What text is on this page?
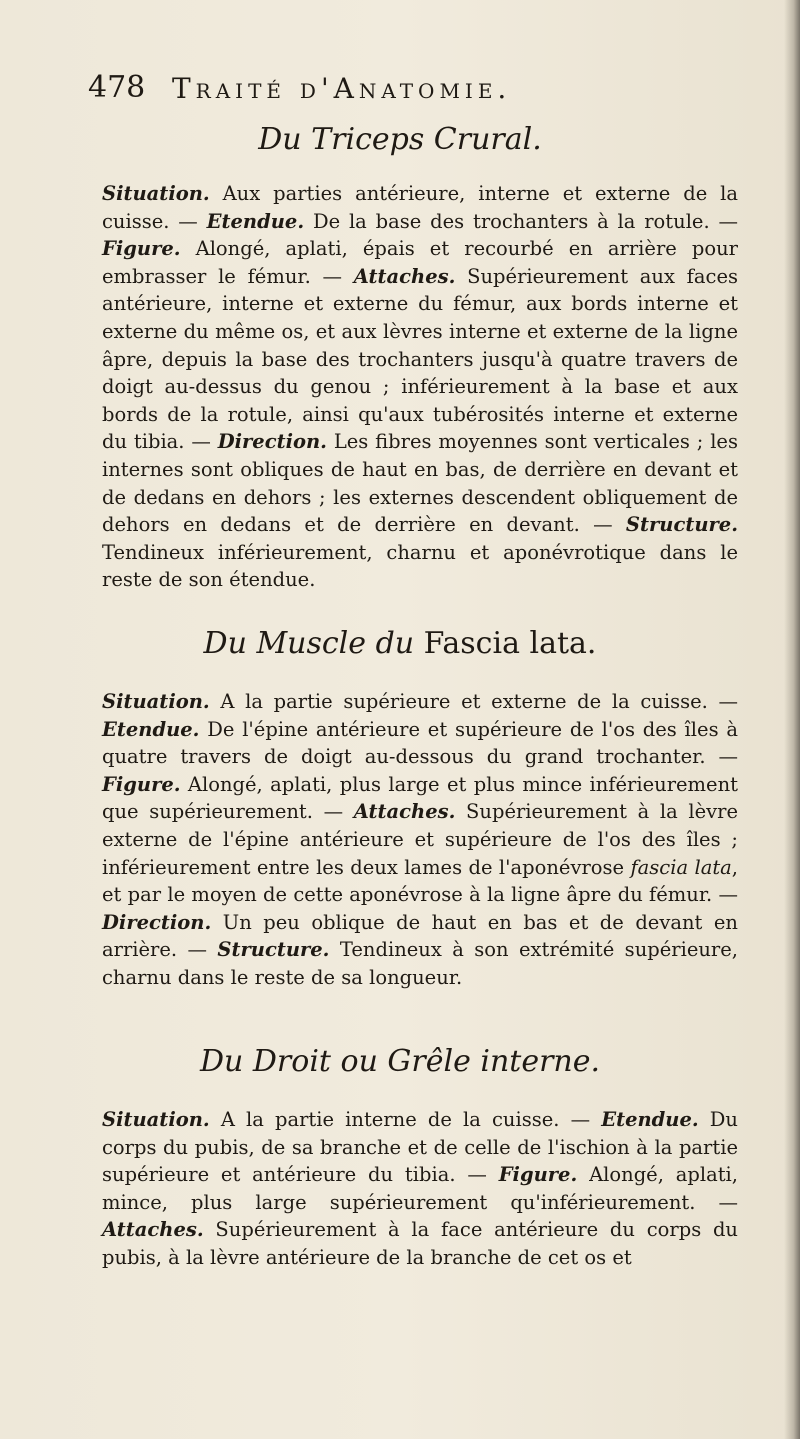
478 Traité d'Anatomie.
Du Triceps Crural.
Situation. Aux parties antérieure, interne et externe de la cuisse. — Etendue. De la base des trochanters à la rotule. — Figure. Alongé, aplati, épais et recourbé en arrière pour embrasser le fémur. — Attaches. Supérieurement aux faces antérieure, interne et externe du fémur, aux bords interne et externe du même os, et aux lèvres interne et externe de la ligne âpre, depuis la base des trochanters jusqu'à quatre travers de doigt au-dessus du genou ; inférieurement à la base et aux bords de la rotule, ainsi qu'aux tubérosités interne et externe du tibia. — Direction. Les fibres moyennes sont verticales ; les internes sont obliques de haut en bas, de derrière en devant et de dedans en dehors ; les externes descendent obliquement de dehors en dedans et de derrière en devant. — Structure. Tendineux inférieurement, charnu et aponévrotique dans le reste de son étendue.
Du Muscle du Fascia lata.
Situation. A la partie supérieure et externe de la cuisse. — Etendue. De l'épine antérieure et supérieure de l'os des îles à quatre travers de doigt au-dessous du grand trochanter. — Figure. Alongé, aplati, plus large et plus mince inférieurement que supérieurement. — Attaches. Supérieurement à la lèvre externe de l'épine antérieure et supérieure de l'os des îles ; inférieurement entre les deux lames de l'aponévrose fascia lata, et par le moyen de cette aponévrose à la ligne âpre du fémur. — Direction. Un peu oblique de haut en bas et de devant en arrière. — Structure. Tendineux à son extrémité supérieure, charnu dans le reste de sa longueur.
Du Droit ou Grêle interne.
Situation. A la partie interne de la cuisse. — Etendue. Du corps du pubis, de sa branche et de celle de l'ischion à la partie supérieure et antérieure du tibia. — Figure. Alongé, aplati, mince, plus large supérieurement qu'inférieurement. — Attaches. Supérieurement à la face antérieure du corps du pubis, à la lèvre antérieure de la branche de cet os et
